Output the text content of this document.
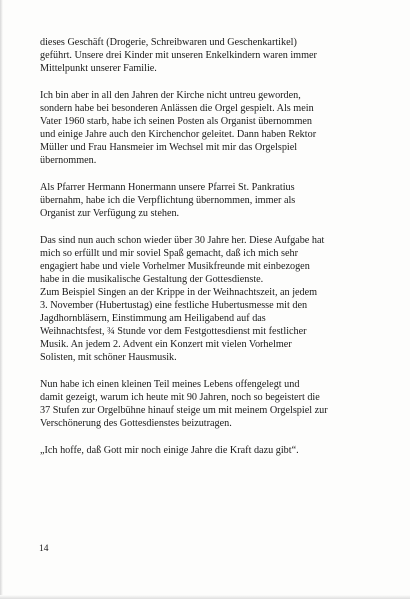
dieses Geschäft (Drogerie, Schreibwaren und Geschenkartikel)
geführt. Unsere drei Kinder mit unseren Enkelkindern waren immer
Mittelpunkt unserer Familie.

Ich bin aber in all den Jahren der Kirche nicht untreu geworden,
sondern habe bei besonderen Anlässen die Orgel gespielt. Als mein
Vater 1960 starb, habe ich seinen Posten als Organist übernommen
und einige Jahre auch den Kirchenchor geleitet. Dann haben Rektor
Müller und Frau Hansmeier im Wechsel mit mir das Orgelspiel
übernommen.

Als Pfarrer Hermann Honermann unsere Pfarrei St. Pankratius
übernahm, habe ich die Verpflichtung übernommen, immer als
Organist zur Verfügung zu stehen.

Das sind nun auch schon wieder über 30 Jahre her. Diese Aufgabe hat
mich so erfüllt und mir soviel Spaß gemacht, daß ich mich sehr
engagiert habe und viele Vorhelmer Musikfreunde mit einbezogen
habe in die musikalische Gestaltung der Gottesdienste.
Zum Beispiel Singen an der Krippe in der Weihnachtszeit, an jedem
3. November (Hubertustag) eine festliche Hubertusmesse mit den
Jagdhornbläsern, Einstimmung am Heiligabend auf das
Weihnachtsfest, ¾ Stunde vor dem Festgottesdienst mit festlicher
Musik. An jedem 2. Advent ein Konzert mit vielen Vorhelmer
Solisten, mit schöner Hausmusik.

Nun habe ich einen kleinen Teil meines Lebens offengelegt und
damit gezeigt, warum ich heute mit 90 Jahren, noch so begeistert die
37 Stufen zur Orgelbühne hinauf steige um mit meinem Orgelspiel zur
Verschönerung des Gottesdienstes beizutragen.

„Ich hoffe, daß Gott mir noch einige Jahre die Kraft dazu gibt“.

14
